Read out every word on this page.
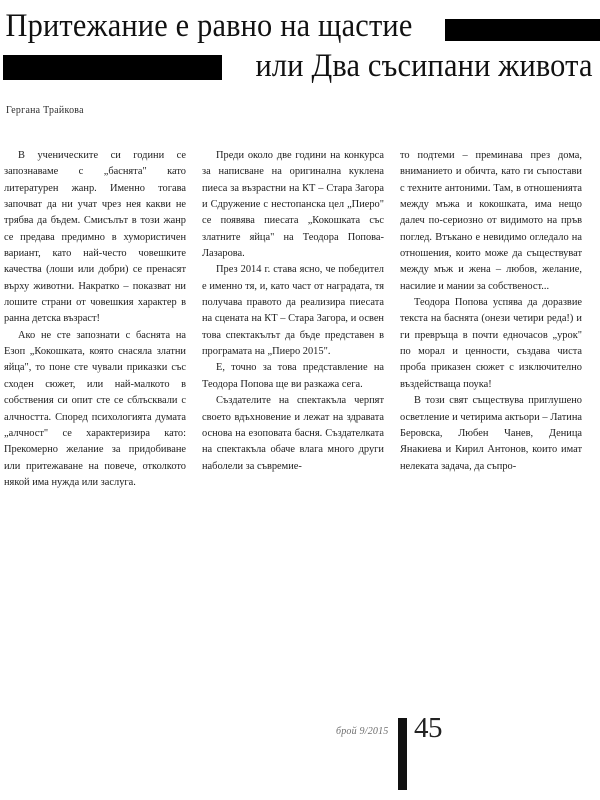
Притежание е равно на щастие
или Два съсипани живота
Гергана Трайкова

В ученическите си години се запознаваме с „баснята" като литературен жанр. Именно тогава започват да ни учат чрез нея какви не трябва да бъдем. Смисълът в този жанр се предава предимно в хумористичен вариант, като най-често човешките качества (лоши или добри) се пренасят върху животни. Накратко – показват ни лошите страни от човешкия характер в ранна детска възраст!

Ако не сте запознати с баснята на Езоп „Кокошката, която снасяла златни яйца", то поне сте чували приказки със сходен сюжет, или най-малкото в собствения си опит сте се сблъсквали с алчността. Според психологията думата „алчност" се характеризира като: Прекомерно желание за придобиване или притежаване на повече, отколкото някой има нужда или заслуга.

Преди около две години на конкурса за написване на оригинална куклена пиеса за възрастни на КТ – Стара Загора и Сдружение с нестопанска цел „Пиеро" се появява пиесата „Кокошката със златните яйца" на Теодора Попова-Лазарова.

През 2014 г. става ясно, че победител е именно тя, и, като част от наградата, тя получава правото да реализира пиесата на сцената на КТ – Стара Загора, и освен това спектакълът да бъде представен в програмата на „Пиеро 2015".

Е, точно за това представление на Теодора Попова ще ви разкажа сега.

Създателите на спектакъла черпят своето вдъхновение и лежат на здравата основа на езоповата басня. Създателката на спектакъла обаче влага много други наболели за съвремие-

то подтеми – преминава през дома, вниманието и обичта, като ги съпостави с техните антоними. Там, в отношенията между мъжа и кокошката, има нещо далеч по-сериозно от видимото на пръв поглед. Втъкано е невидимо огледало на отношения, които може да съществуват между мъж и жена – любов, желание, насилие и мании за собственост...

Теодора Попова успява да доразвие текста на баснята (онези четири реда!) и ги превръща в почти едночасов „урок" по морал и ценности, създава чиста проба приказен сюжет с изключително въздействаща поука!

В този свят съществува приглушено осветление и четирима актьори – Латина Беровска, Любен Чанев, Деница Янакиева и Кирил Антонов, които имат нелеката задача, да съпро-

брой 9/2015 45
